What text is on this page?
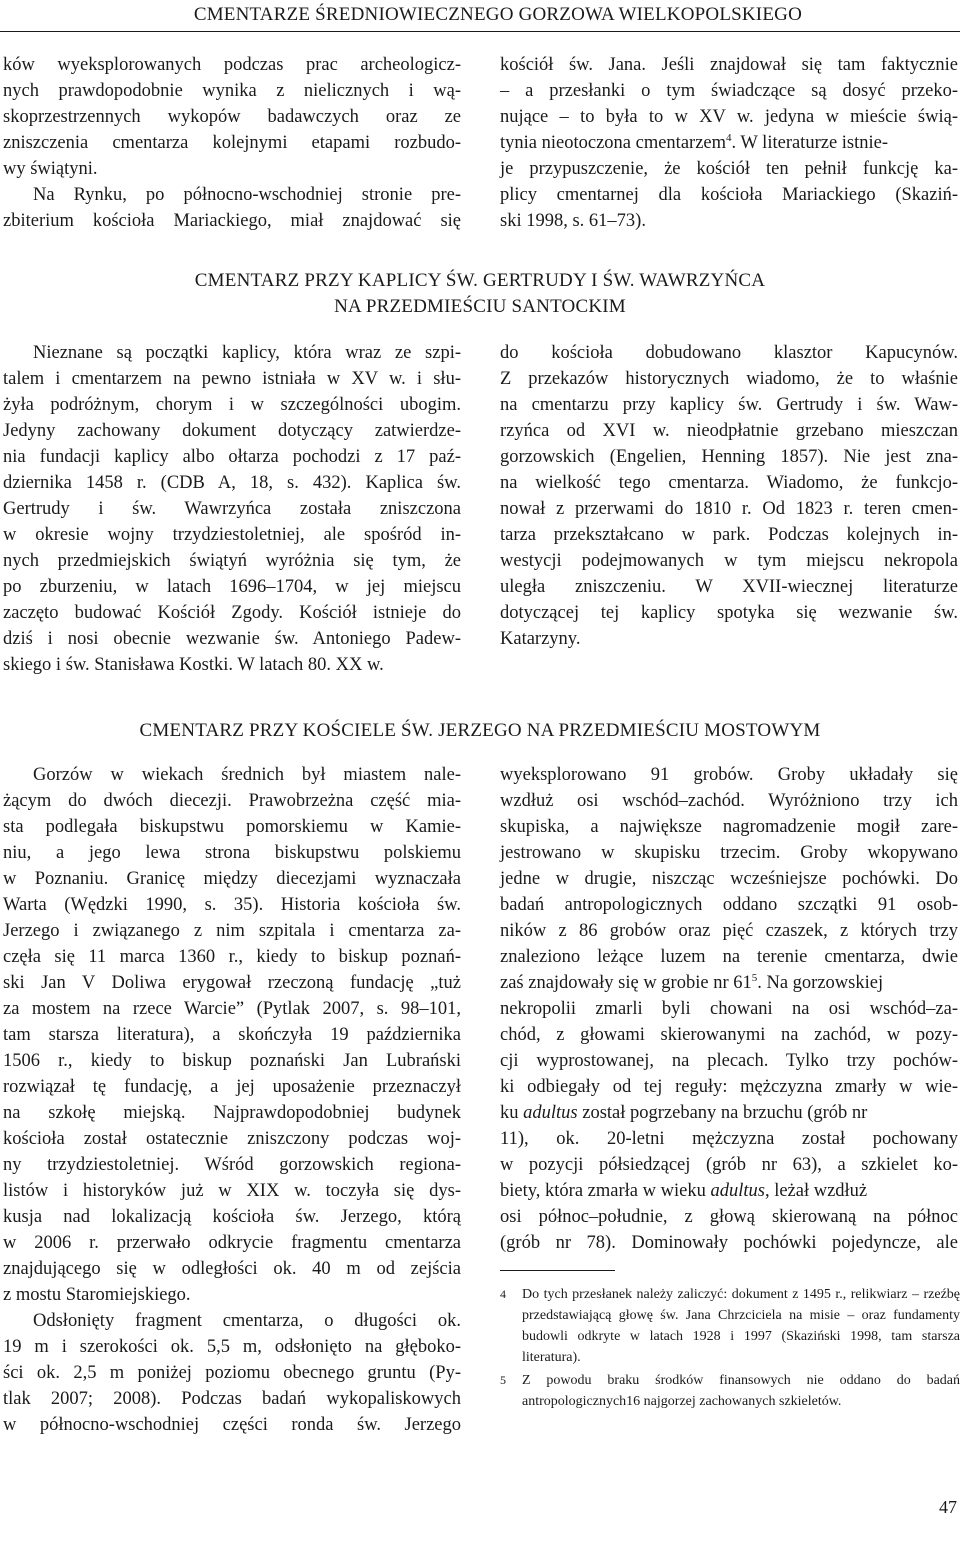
CMENTARZE ŚREDNIOWIECZNEGO GORZOWA WIELKOPOLSKIEGO

ków wyeksplorowanych podczas prac archeologicz-
nych prawdopodobnie wynika z nielicznych i wą-
skoprzestrzennych wykopów badawczych oraz ze
zniszczenia cmentarza kolejnymi etapami rozbudo-
wy świątyni.
Na Rynku, po północno-wschodniej stronie pre-
zbiterium kościoła Mariackiego, miał znajdować się

kościół św. Jana. Jeśli znajdował się tam faktycznie
– a przesłanki o tym świadczące są dosyć przeko-
nujące – to była to w XV w. jedyna w mieście świą-
tynia nieotoczona cmentarzem$^4$. W literaturze istnie-
je przypuszczenie, że kościół ten pełnił funkcję ka-
plicy cmentarnej dla kościoła Mariackiego (Skaziń-
ski 1998, s. 61–73).

CMENTARZ PRZY KAPLICY ŚW. GERTRUDY I ŚW. WAWRZYŃCA
NA PRZEDMIEŚCIU SANTOCKIM

Nieznane są początki kaplicy, która wraz ze szpi-
talem i cmentarzem na pewno istniała w XV w. i słu-
żyła podróżnym, chorym i w szczególności ubogim.
Jedyny zachowany dokument dotyczący zatwierdze-
nia fundacji kaplicy albo ołtarza pochodzi z 17 paź-
dziernika 1458 r. (CDB A, 18, s. 432). Kaplica św.
Gertrudy i św. Wawrzyńca została zniszczona
w okresie wojny trzydziestoletniej, ale spośród in-
nych przedmiejskich świątyń wyróżnia się tym, że
po zburzeniu, w latach 1696–1704, w jej miejscu
zaczęto budować Kościół Zgody. Kościół istnieje do
dziś i nosi obecnie wezwanie św. Antoniego Padew-
skiego i św. Stanisława Kostki. W latach 80. XX w.

do kościoła dobudowano klasztor Kapucynów.
Z przekazów historycznych wiadomo, że to właśnie
na cmentarzu przy kaplicy św. Gertrudy i św. Waw-
rzyńca od XVI w. nieodpłatnie grzebano mieszczan
gorzowskich (Engelien, Henning 1857). Nie jest zna-
na wielkość tego cmentarza. Wiadomo, że funkcjo-
nował z przerwami do 1810 r. Od 1823 r. teren cmen-
tarza przekształcano w park. Podczas kolejnych in-
westycji podejmowanych w tym miejscu nekropola
uległa zniszczeniu. W XVII-wiecznej literaturze
dotyczącej tej kaplicy spotyka się wezwanie św.
Katarzyny.

CMENTARZ PRZY KOŚCIELE ŚW. JERZEGO NA PRZEDMIEŚCIU MOSTOWYM

Gorzów w wiekach średnich był miastem nale-
żącym do dwóch diecezji. Prawobrzeżna część mia-
sta podlegała biskupstwu pomorskiemu w Kamie-
niu, a jego lewa strona biskupstwu polskiemu
w Poznaniu. Granicę między diecezjami wyznaczała
Warta (Wędzki 1990, s. 35). Historia kościoła św.
Jerzego i związanego z nim szpitala i cmentarza za-
częła się 11 marca 1360 r., kiedy to biskup poznań-
ski Jan V Doliwa erygował rzeczoną fundację „tuż
za mostem na rzece Warcie” (Pytlak 2007, s. 98–101,
tam starsza literatura), a skończyła 19 października
1506 r., kiedy to biskup poznański Jan Lubrański
rozwiązał tę fundację, a jej uposażenie przeznaczył
na szkołę miejską. Najprawdopodobniej budynek
kościoła został ostatecznie zniszczony podczas woj-
ny trzydziestoletniej. Wśród gorzowskich regiona-
listów i historyków już w XIX w. toczyła się dys-
kusja nad lokalizacją kościoła św. Jerzego, którą
w 2006 r. przerwało odkrycie fragmentu cmentarza
znajdującego się w odległości ok. 40 m od zejścia
z mostu Staromiejskiego.
Odsłonięty fragment cmentarza, o długości ok.
19 m i szerokości ok. 5,5 m, odsłonięto na głęboko-
ści ok. 2,5 m poniżej poziomu obecnego gruntu (Py-
tlak 2007; 2008). Podczas badań wykopaliskowych
w północno-wschodniej części ronda św. Jerzego

wyeksplorowano 91 grobów. Groby układały się
wzdłuż osi wschód–zachód. Wyróżniono trzy ich
skupiska, a największe nagromadzenie mogił zare-
jestrowano w skupisku trzecim. Groby wkopywano
jedne w drugie, niszcząc wcześniejsze pochówki. Do
badań antropologicznych oddano szczątki 91 osob-
ników z 86 grobów oraz pięć czaszek, z których trzy
znaleziono leżące luzem na terenie cmentarza, dwie
zaś znajdowały się w grobie nr $61^5$. Na gorzowskiej
nekropolii zmarli byli chowani na osi wschód–za-
chód, z głowami skierowanymi na zachód, w pozy-
cji wyprostowanej, na plecach. Tylko trzy pochów-
ki odbiegały od tej reguły: mężczyzna zmarły w wie-
ku adultus został pogrzebany na brzuchu (grób nr
11), ok. 20-letni mężczyzna został pochowany
w pozycji półsiedzącej (grób nr 63), a szkielet ko-
biety, która zmarła w wieku adultus, leżał wzdłuż
osi północ–południe, z głową skierowaną na północ
(grób nr 78). Dominowały pochówki pojedyncze, ale

4 Do tych przesłanek należy zaliczyć: dokument z 1495 r., relikwiarz – rzeźbę przedstawiającą głowę św. Jana Chrzciciela na misie – oraz fundamenty budowli odkryte w latach 1928 i 1997 (Skaziński 1998, tam starsza literatura).
5 Z powodu braku środków finansowych nie oddano do badań antropologicznych16 najgorzej zachowanych szkieletów.
47
